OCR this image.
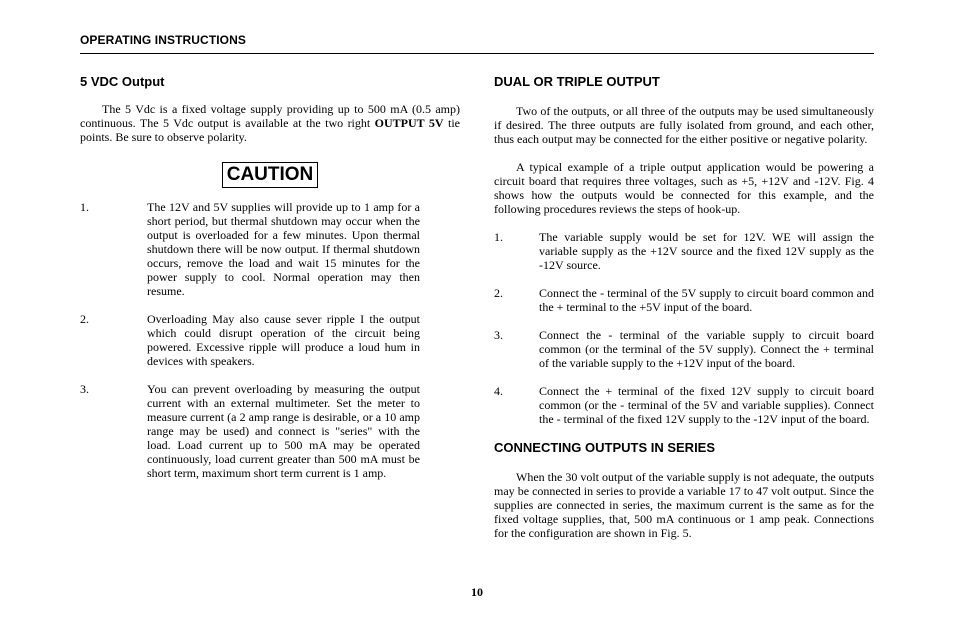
OPERATING INSTRUCTIONS
5 VDC Output

The 5 Vdc is a fixed voltage supply providing up to 500 mA (0.5 amp) continuous. The 5 Vdc output is available at the two right OUTPUT 5V tie points. Be sure to observe polarity.

CAUTION
1.	The 12V and 5V supplies will provide up to 1 amp for a short period, but thermal shutdown may occur when the output is overloaded for a few minutes. Upon thermal shutdown there will be now output. If thermal shutdown occurs, remove the load and wait 15 minutes for the power supply to cool. Normal operation may then resume.
2.	Overloading May also cause sever ripple I the output which could disrupt operation of the circuit being powered. Excessive ripple will produce a loud hum in devices with speakers.
3.	You can prevent overloading by measuring the output current with an external multimeter. Set the meter to measure current (a 2 amp range is desirable, or a 10 amp range may be used) and connect is "series" with the load. Load current up to 500 mA may be operated continuously, load current greater than 500 mA must be short term, maximum short term current is 1 amp.
DUAL OR TRIPLE OUTPUT

Two of the outputs, or all three of the outputs may be used simultaneously if desired. The three outputs are fully isolated from ground, and each other, thus each output may be connected for the either positive or negative polarity.

A typical example of a triple output application would be powering a circuit board that requires three voltages, such as +5, +12V and -12V. Fig. 4 shows how the outputs would be connected for this example, and the following procedures reviews the steps of hook-up.

1.	The variable supply would be set for 12V. WE will assign the variable supply as the +12V source and the fixed 12V supply as the -12V source.
2.	Connect the - terminal of the 5V supply to circuit board common and the + terminal to the +5V input of the board.
3.	Connect the - terminal of the variable supply to circuit board common (or the terminal of the 5V supply). Connect the + terminal of the variable supply to the +12V input of the board.
4.	Connect the + terminal of the fixed 12V supply to circuit board common (or the - terminal of the 5V and variable supplies). Connect the - terminal of the fixed 12V supply to the -12V input of the board.
CONNECTING OUTPUTS IN SERIES

When the 30 volt output of the variable supply is not adequate, the outputs may be connected in series to provide a variable 17 to 47 volt output. Since the supplies are connected in series, the maximum current is the same as for the fixed voltage supplies, that, 500 mA continuous or 1 amp peak. Connections for the configuration are shown in Fig. 5.

10
